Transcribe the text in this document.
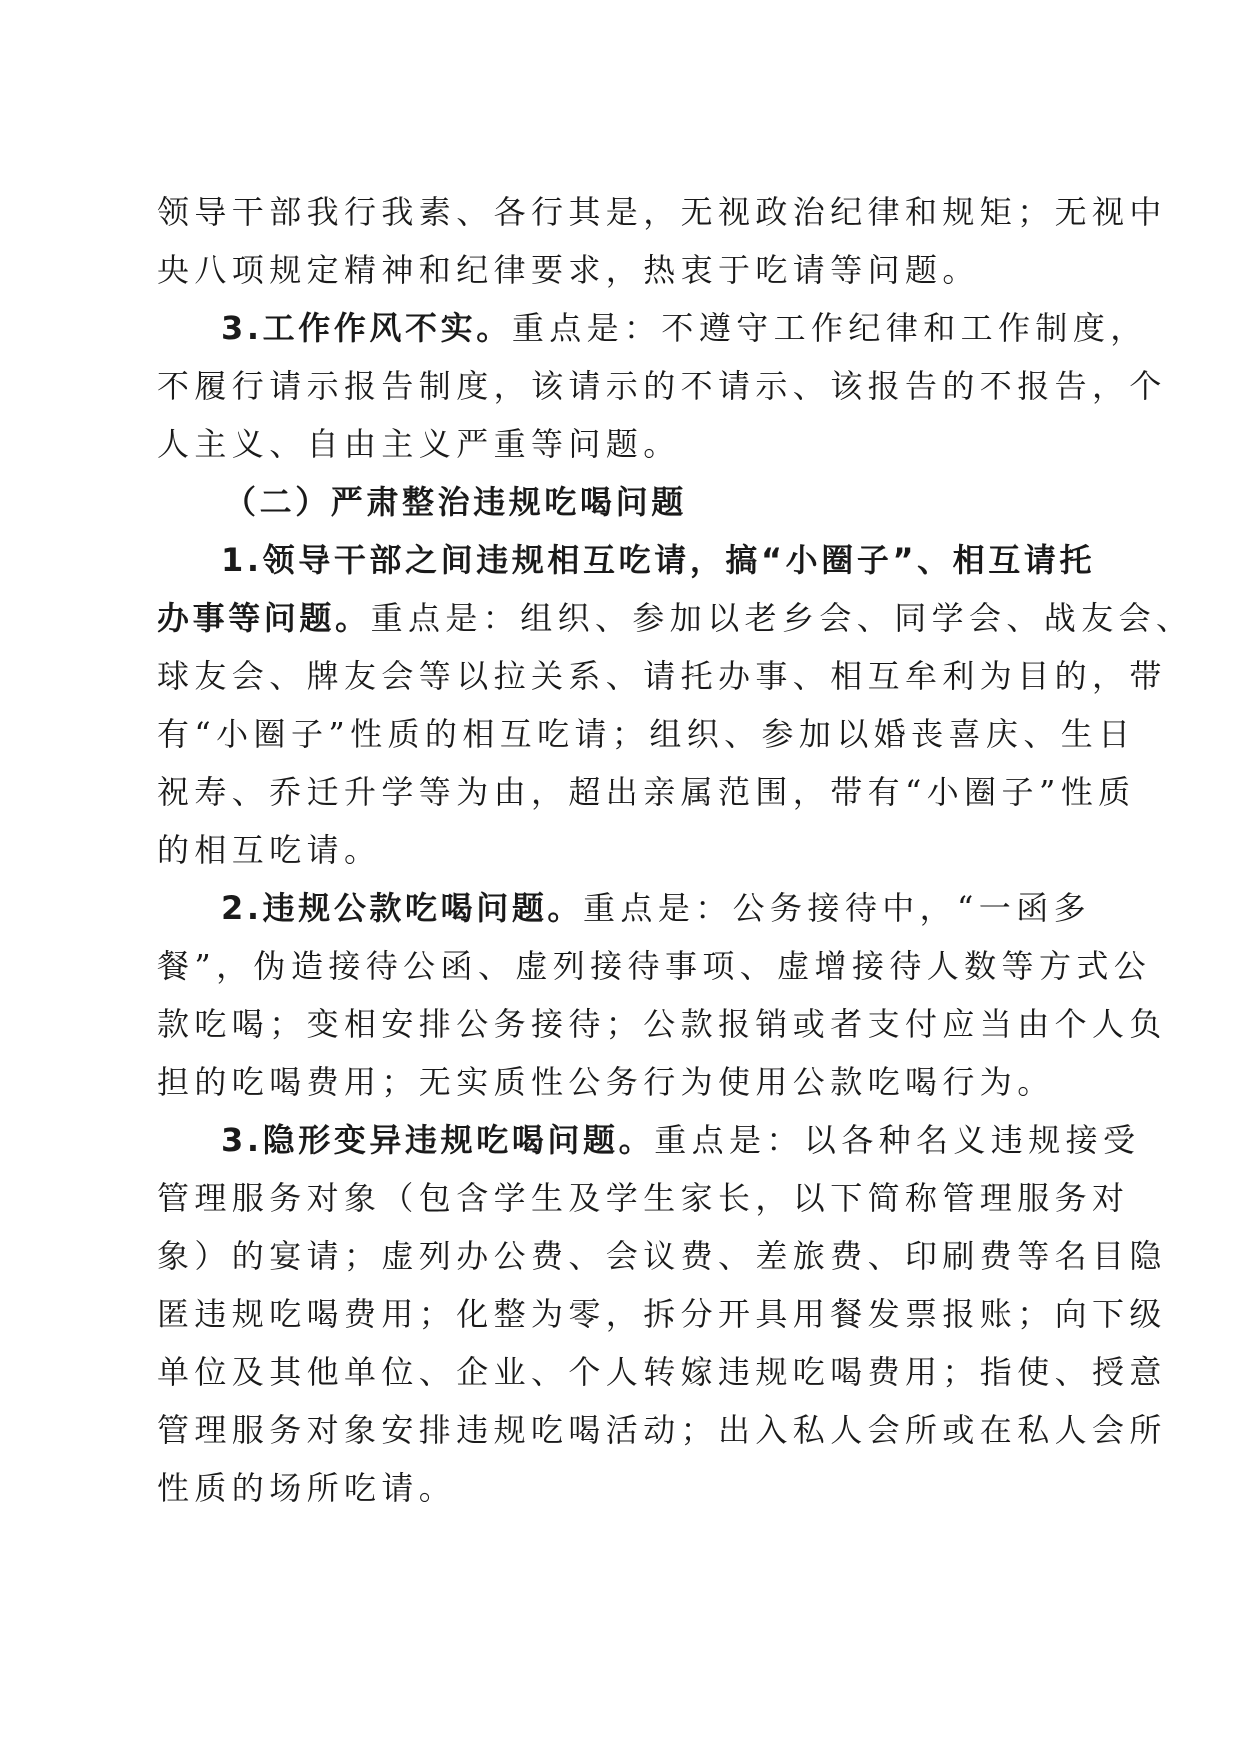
领导干部我行我素、各行其是，无视政治纪律和规矩；无视中
央八项规定精神和纪律要求，热衷于吃请等问题。
3.工作作风不实。重点是：不遵守工作纪律和工作制度，
不履行请示报告制度，该请示的不请示、该报告的不报告，个
人主义、自由主义严重等问题。
（二）严肃整治违规吃喝问题
1.领导干部之间违规相互吃请，搞“小圈子”、相互请托
办事等问题。重点是：组织、参加以老乡会、同学会、战友会、
球友会、牌友会等以拉关系、请托办事、相互牟利为目的，带
有“小圈子”性质的相互吃请；组织、参加以婚丧喜庆、生日
祝寿、乔迁升学等为由，超出亲属范围，带有“小圈子”性质
的相互吃请。
2.违规公款吃喝问题。重点是：公务接待中，“一函多
餐”，伪造接待公函、虚列接待事项、虚增接待人数等方式公
款吃喝；变相安排公务接待；公款报销或者支付应当由个人负
担的吃喝费用；无实质性公务行为使用公款吃喝行为。
3.隐形变异违规吃喝问题。重点是：以各种名义违规接受
管理服务对象（包含学生及学生家长，以下简称管理服务对
象）的宴请；虚列办公费、会议费、差旅费、印刷费等名目隐
匿违规吃喝费用；化整为零，拆分开具用餐发票报账；向下级
单位及其他单位、企业、个人转嫁违规吃喝费用；指使、授意
管理服务对象安排违规吃喝活动；出入私人会所或在私人会所
性质的场所吃请。
